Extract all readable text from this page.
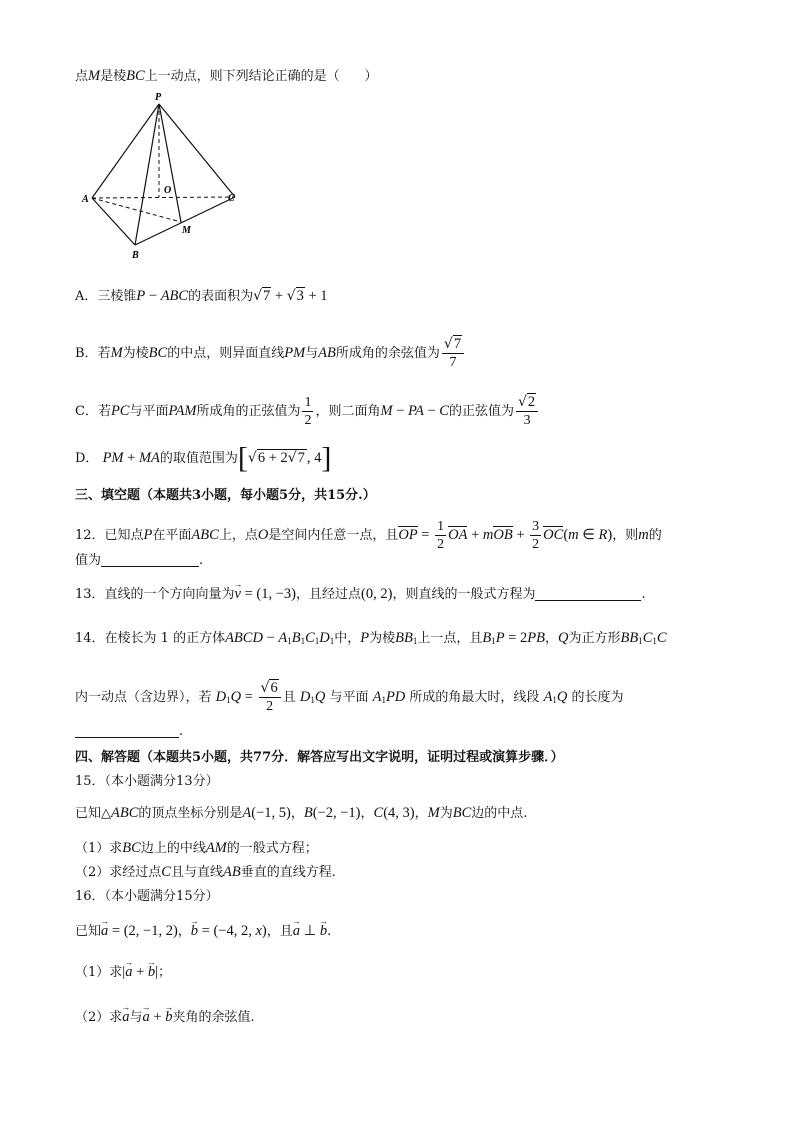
点M是棱BC上一动点，则下列结论正确的是（      ）
P
A
B
C
O
M
A．三棱锥P − ABC的表面积为√7 + √3 + 1
B．若M为棱BC的中点，则异面直线PM与AB所成角的余弦值为 $\frac{√7}{7}$
C．若PC与平面PAM所成角的正弦值为 $\frac{1}{2}$ ，则二面角M − PA − C的正弦值为 $\frac{√2}{3}$
D． PM + MA的取值范围为[√6 + 2√7 , 4]
三、填空题（本题共3小题，每小题5分，共15分.）
12．已知点P在平面ABC上，点O是空间内任意一点，且OP = $\frac{1}{2}$ OA + mOB + $\frac{3}{2} OC(m$ ∈ R)，则m的
值为	.
13．直线的一个方向向量为→ v = (1, −3)，且经过点(0, 2)，则直线的一般式方程为	.
14．在棱长为 1 的正方体ABCD − $A_1B_1C_1D_1$中，P为棱$BB_1$上一点，且$B_1P = 2PB$，Q为正方形$BB_1C_1C$
内一动点（含边界），若 $D_1Q = \frac{√6}{2}$ 且 $D_1Q$ 与平面 $A_1PD$ 所成的角最大时，线段 $A_1Q$ 的长度为
.
四、解答题（本题共5小题，共77分．解答应写出文字说明，证明过程或演算步骤．）
15．（本小题满分13分）
已知△ABC的顶点坐标分别是A(−1, 5)，B(−2, −1)，C(4, 3)，M为BC边的中点.
（1）求BC边上的中线AM的一般式方程；
（2）求经过点C且与直线AB垂直的直线方程.
16．（本小题满分15分）
已知→ a = (2, −1, 2)，→ b = (−4, 2, x)，且→ a ⊥ → b.
（1）求|→ a + → b|；
（2）求→ a与→ a + → b夹角的余弦值.
